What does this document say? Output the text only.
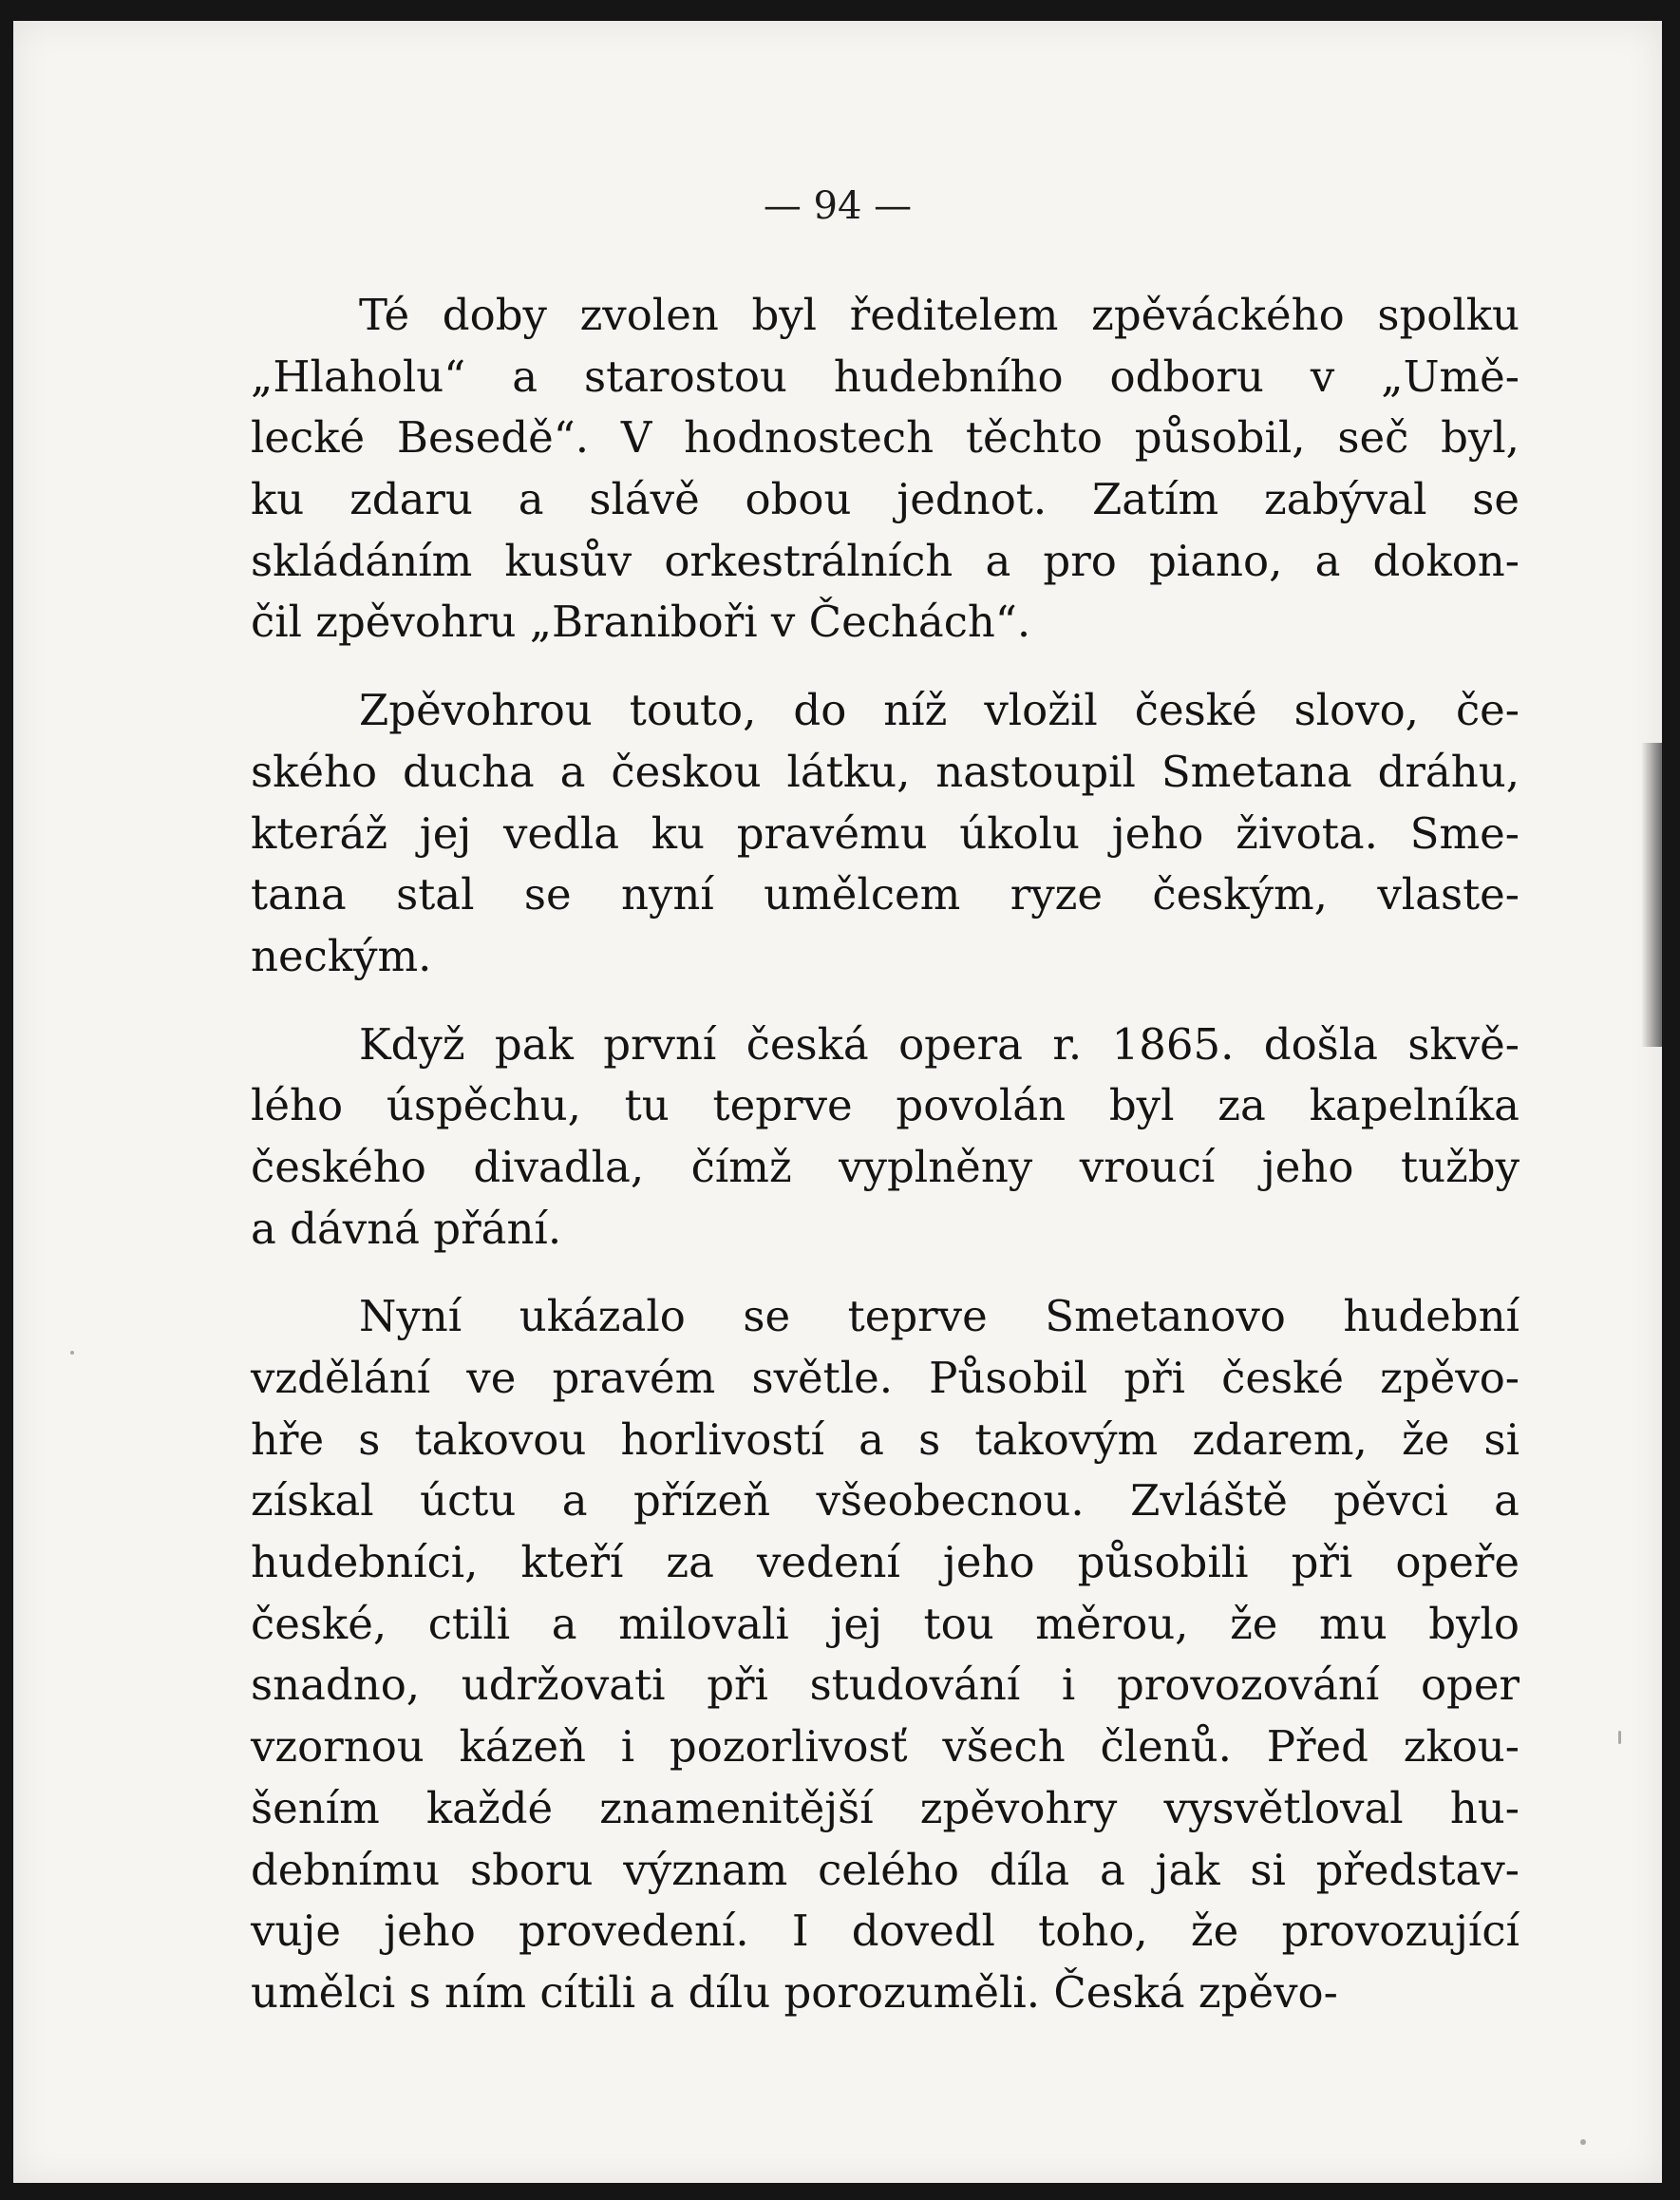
— 94 —
Té doby zvolen byl ředitelem zpěváckého spolku
„Hlaholu“ a starostou hudebního odboru v „Umě-
lecké Besedě“. V hodnostech těchto působil, seč byl,
ku zdaru a slávě obou jednot. Zatím zabýval se
skládáním kusův orkestrálních a pro piano, a dokon-
čil zpěvohru „Braniboři v Čechách“.
Zpěvohrou touto, do níž vložil české slovo, če-
ského ducha a českou látku, nastoupil Smetana dráhu,
kteráž jej vedla ku pravému úkolu jeho života. Sme-
tana stal se nyní umělcem ryze českým, vlaste-
neckým.
Když pak první česká opera r. 1865. došla skvě-
lého úspěchu, tu teprve povolán byl za kapelníka
českého divadla, čímž vyplněny vroucí jeho tužby
a dávná přání.
Nyní ukázalo se teprve Smetanovo hudební
vzdělání ve pravém světle. Působil při české zpěvo-
hře s takovou horlivostí a s takovým zdarem, že si
získal úctu a přízeň všeobecnou. Zvláště pěvci a
hudebníci, kteří za vedení jeho působili při opeře
české, ctili a milovali jej tou měrou, že mu bylo
snadno, udržovati při studování i provozování oper
vzornou kázeň i pozorlivosť všech členů. Před zkou-
šením každé znamenitější zpěvohry vysvětloval hu-
debnímu sboru význam celého díla a jak si představ-
vuje jeho provedení. I dovedl toho, že provozující
umělci s ním cítili a dílu porozuměli. Česká zpěvo-
